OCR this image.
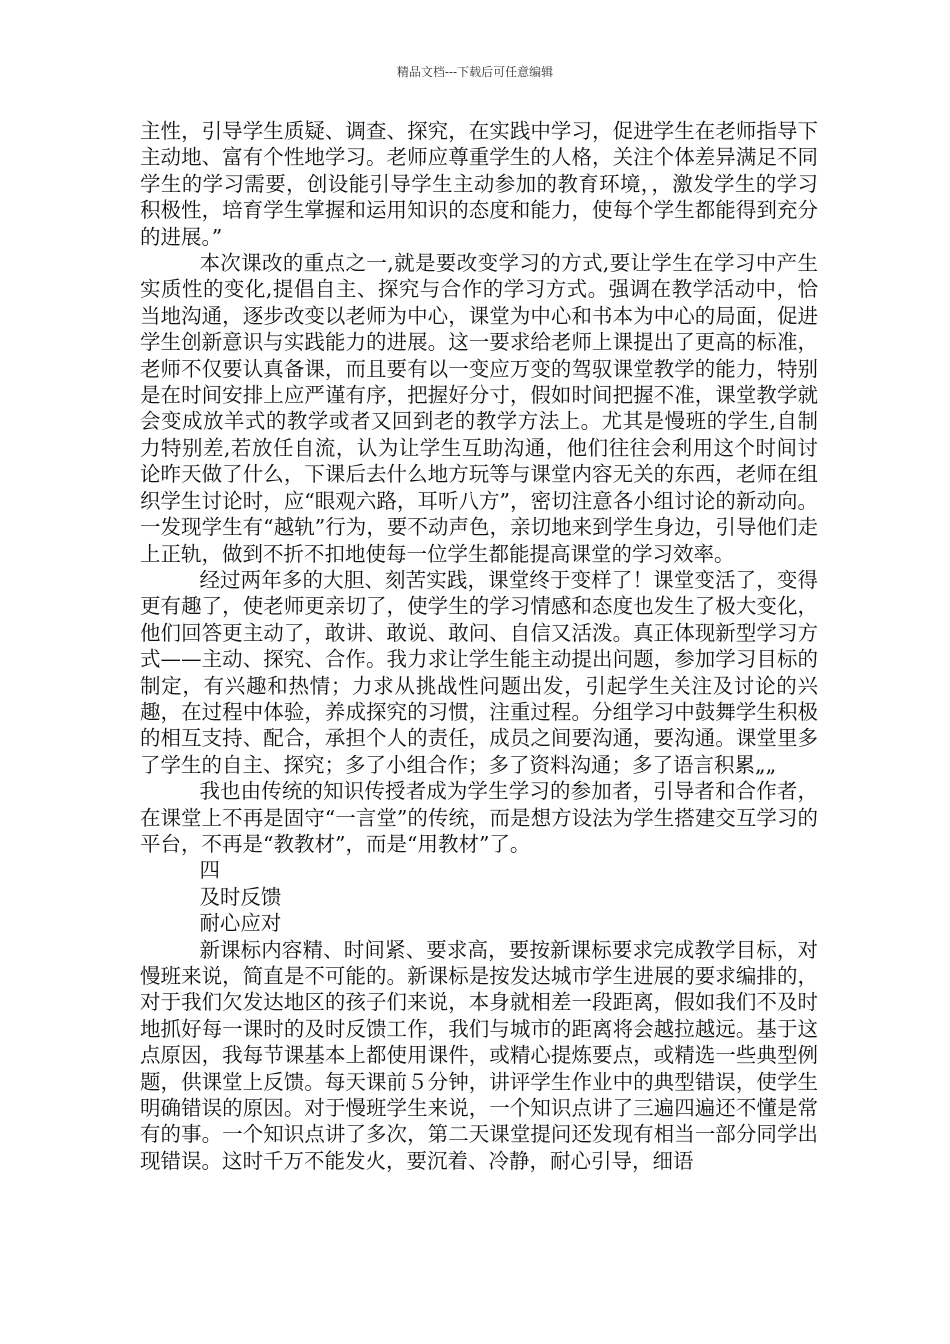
精品文档---下载后可任意编辑

主性，引导学生质疑、调查、探究，在实践中学习，促进学生在老师指导下主动地、富有个性地学习。老师应尊重学生的人格，关注个体差异满足不同学生的学习需要，创设能引导学生主动参加的教育环境，，激发学生的学习积极性，培育学生掌握和运用知识的态度和能力，使每个学生都能得到充分的进展。”

本次课改的重点之一,就是要改变学习的方式,要让学生在学习中产生实质性的变化,提倡自主、探究与合作的学习方式。强调在教学活动中，恰当地沟通，逐步改变以老师为中心，课堂为中心和书本为中心的局面，促进学生创新意识与实践能力的进展。这一要求给老师上课提出了更高的标准，老师不仅要认真备课，而且要有以一变应万变的驾驭课堂教学的能力，特别是在时间安排上应严谨有序，把握好分寸，假如时间把握不准，课堂教学就会变成放羊式的教学或者又回到老的教学方法上。尤其是慢班的学生,自制力特别差,若放任自流，认为让学生互助沟通，他们往往会利用这个时间讨论昨天做了什么，下课后去什么地方玩等与课堂内容无关的东西，老师在组织学生讨论时，应“眼观六路，耳听八方”，密切注意各小组讨论的新动向。一发现学生有“越轨”行为，要不动声色，亲切地来到学生身边，引导他们走上正轨，做到不折不扣地使每一位学生都能提高课堂的学习效率。

经过两年多的大胆、刻苦实践，课堂终于变样了！课堂变活了，变得更有趣了，使老师更亲切了，使学生的学习情感和态度也发生了极大变化，他们回答更主动了，敢讲、敢说、敢问、自信又活泼。真正体现新型学习方式——主动、探究、合作。我力求让学生能主动提出问题，参加学习目标的制定，有兴趣和热情；力求从挑战性问题出发，引起学生关注及讨论的兴趣，在过程中体验，养成探究的习惯，注重过程。分组学习中鼓舞学生积极的相互支持、配合，承担个人的责任，成员之间要沟通，要沟通。课堂里多了学生的自主、探究；多了小组合作；多了资料沟通；多了语言积累„„

我也由传统的知识传授者成为学生学习的参加者，引导者和合作者，在课堂上不再是固守“一言堂”的传统，而是想方设法为学生搭建交互学习的平台，不再是“教教材”，而是“用教材”了。

四

及时反馈

耐心应对

新课标内容精、时间紧、要求高，要按新课标要求完成教学目标，对慢班来说，简直是不可能的。新课标是按发达城市学生进展的要求编排的，对于我们欠发达地区的孩子们来说，本身就相差一段距离，假如我们不及时地抓好每一课时的及时反馈工作，我们与城市的距离将会越拉越远。基于这点原因，我每节课基本上都使用课件，或精心提炼要点，或精选一些典型例题，供课堂上反馈。每天课前５分钟，讲评学生作业中的典型错误，使学生明确错误的原因。对于慢班学生来说，一个知识点讲了三遍四遍还不懂是常有的事。一个知识点讲了多次，第二天课堂提问还发现有相当一部分同学出现错误。这时千万不能发火，要沉着、冷静，耐心引导，细语
